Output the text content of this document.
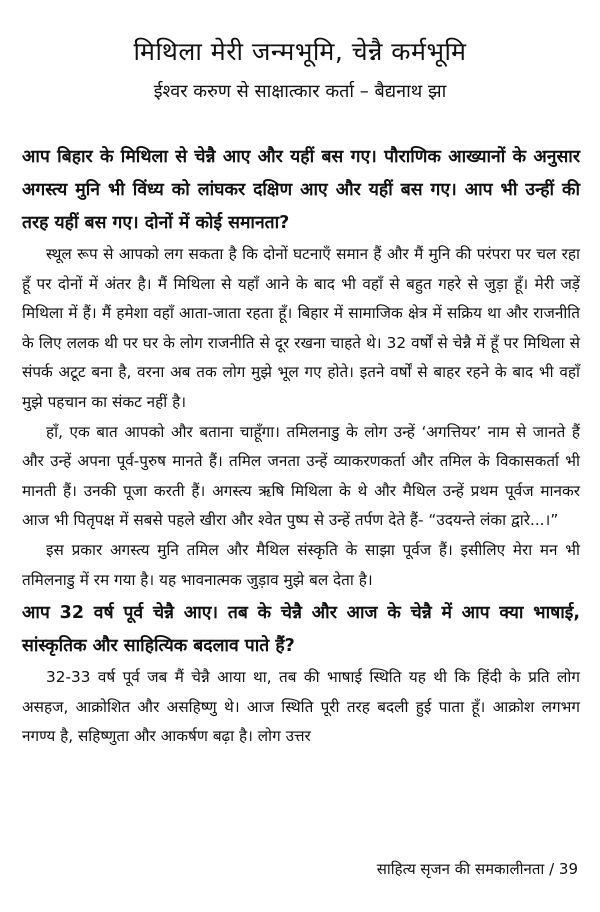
मिथिला मेरी जन्मभूमि, चेन्नै कर्मभूमि
ईश्वर करुण से साक्षात्कार कर्ता – बैद्यनाथ झा

आप बिहार के मिथिला से चेन्नै आए और यहीं बस गए। पौराणिक आख्यानों के अनुसार अगस्त्य मुनि भी विंध्य को लांघकर दक्षिण आए और यहीं बस गए। आप भी उन्हीं की तरह यहीं बस गए। दोनों में कोई समानता?

स्थूल रूप से आपको लग सकता है कि दोनों घटनाएँ समान हैं और मैं मुनि की परंपरा पर चल रहा हूँ पर दोनों में अंतर है। मैं मिथिला से यहाँ आने के बाद भी वहाँ से बहुत गहरे से जुड़ा हूँ। मेरी जड़ें मिथिला में हैं। मैं हमेशा वहाँ आता-जाता रहता हूँ। बिहार में सामाजिक क्षेत्र में सक्रिय था और राजनीति के लिए ललक थी पर घर के लोग राजनीति से दूर रखना चाहते थे। 32 वर्षों से चेन्नै में हूँ पर मिथिला से संपर्क अटूट बना है, वरना अब तक लोग मुझे भूल गए होते। इतने वर्षों से बाहर रहने के बाद भी वहाँ मुझे पहचान का संकट नहीं है।

हाँ, एक बात आपको और बताना चाहूँगा। तमिलनाडु के लोग उन्हें ‘अगत्तियर’ नाम से जानते हैं और उन्हें अपना पूर्व-पुरुष मानते हैं। तमिल जनता उन्हें व्याकरणकर्ता और तमिल के विकासकर्ता भी मानती हैं। उनकी पूजा करती हैं। अगस्त्य ऋषि मिथिला के थे और मैथिल उन्हें प्रथम पूर्वज मानकर आज भी पितृपक्ष में सबसे पहले खीरा और श्वेत पुष्प से उन्हें तर्पण देते हैं- “उदयन्ते लंका द्वारे...।”

इस प्रकार अगस्त्य मुनि तमिल और मैथिल संस्कृति के साझा पूर्वज हैं। इसीलिए मेरा मन भी तमिलनाडु में रम गया है। यह भावनात्मक जुड़ाव मुझे बल देता है।

आप 32 वर्ष पूर्व चेन्नै आए। तब के चेन्नै और आज के चेन्नै में आप क्या भाषाई, सांस्कृतिक और साहित्यिक बदलाव पाते हैं?

32-33 वर्ष पूर्व जब मैं चेन्नै आया था, तब की भाषाई स्थिति यह थी कि हिंदी के प्रति लोग असहज, आक्रोशित और असहिष्णु थे। आज स्थिति पूरी तरह बदली हुई पाता हूँ। आक्रोश लगभग नगण्य है, सहिष्णुता और आकर्षण बढ़ा है। लोग उत्तर

साहित्य सृजन की समकालीनता / 39
